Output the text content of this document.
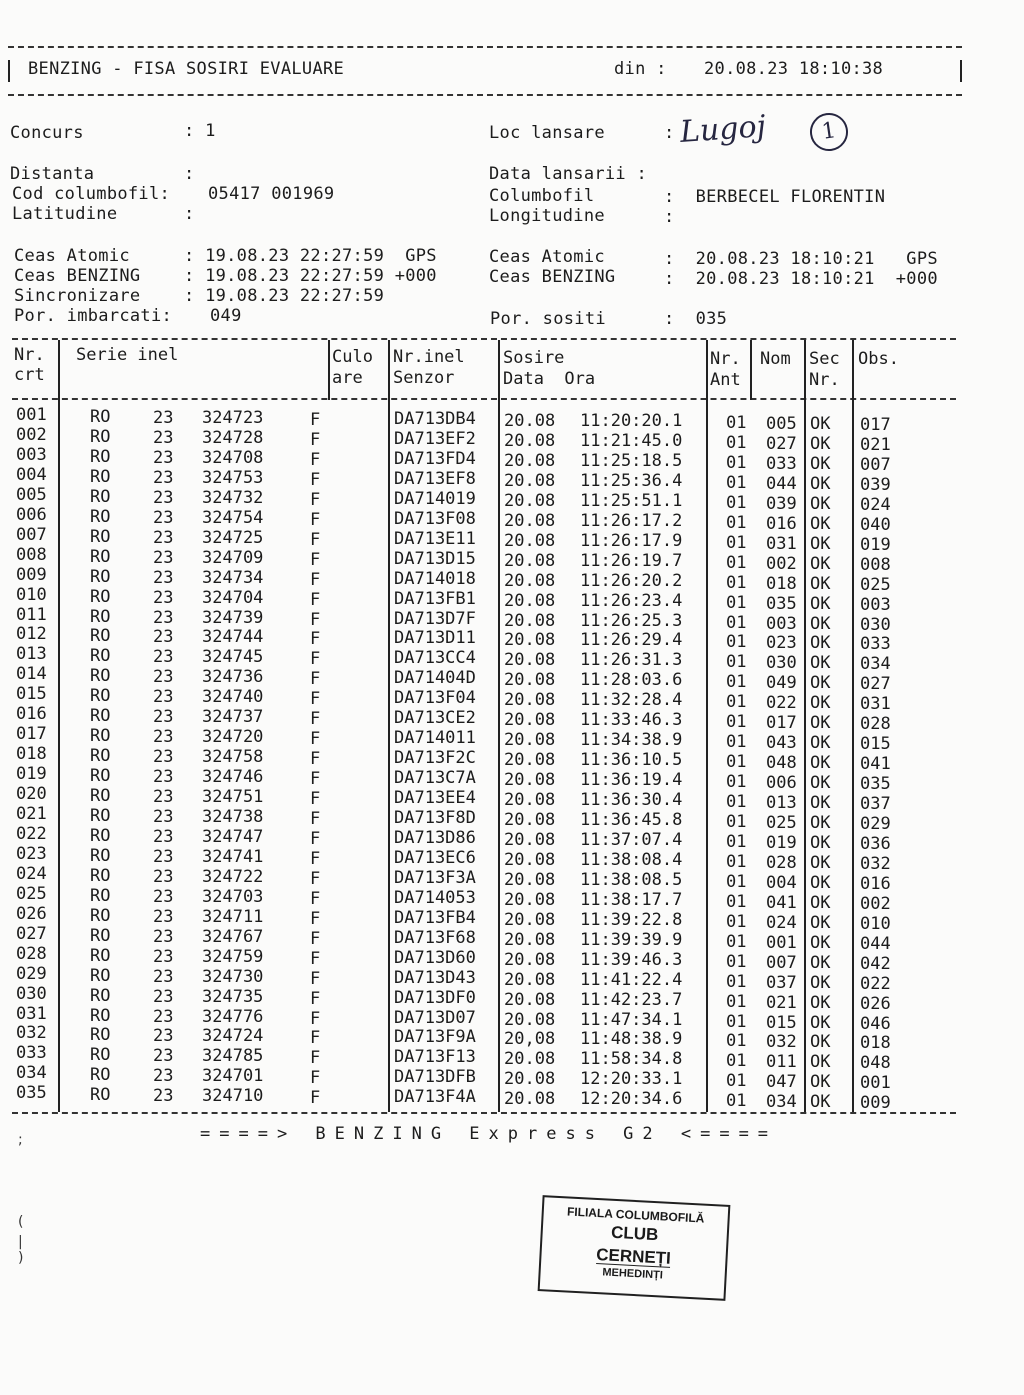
BENZING - FISA SOSIRI EVALUARE	din : 20.08.23 18:10:38
Concurs	: 1	Loc lansare	: Lugoj	1
Distanta	:	Data lansarii :
Cod columbofil: 05417 001969	Columbofil	:  BERBECEL FLORENTIN
Latitudine	:	Longitudine	:
Ceas Atomic	: 19.08.23 22:27:59  GPS	Ceas Atomic	:  20.08.23 18:10:21   GPS
Ceas BENZING	: 19.08.23 22:27:59 +000	Ceas BENZING	:  20.08.23 18:10:21  +000
Sincronizare	: 19.08.23 22:27:59
Por. imbarcati: 049	Por. sositi	:  035
Nr.
crt
Serie inel	Culo
are
Nr.inel
Senzor
Sosire
Data  Ora
Nr.
Ant
Nom Sec
Nr.
Obs.
001	RO	23 324723	F	DA713DB4 20.08 11:20:20.1	01 005 OK 017
002	RO	23 324728	F	DA713EF2 20.08 11:21:45.0	01 027 OK 021
003	RO	23 324708	F	DA713FD4 20.08 11:25:18.5	01 033 OK 007
004	RO	23 324753	F	DA713EF8 20.08 11:25:36.4	01 044 OK 039
005	RO	23 324732	F	DA714019 20.08 11:25:51.1	01 039 OK 024
006	RO	23 324754	F	DA713F08 20.08 11:26:17.2	01 016 OK 040
007	RO	23 324725	F	DA713E11 20.08 11:26:17.9	01 031 OK 019
008	RO	23 324709	F	DA713D15 20.08 11:26:19.7	01 002 OK 008
009	RO	23 324734	F	DA714018 20.08 11:26:20.2	01 018 OK 025
010	RO	23 324704	F	DA713FB1 20.08 11:26:23.4	01 035 OK 003
011	RO	23 324739	F	DA713D7F 20.08 11:26:25.3	01 003 OK 030
012	RO	23 324744	F	DA713D11 20.08 11:26:29.4	01 023 OK 033
013	RO	23 324745	F	DA713CC4 20.08 11:26:31.3	01 030 OK 034
014	RO	23 324736	F	DA71404D 20.08 11:28:03.6	01 049 OK 027
015	RO	23 324740	F	DA713F04 20.08 11:32:28.4	01 022 OK 031
016	RO	23 324737	F	DA713CE2 20.08 11:33:46.3	01 017 OK 028
017	RO	23 324720	F	DA714011 20.08 11:34:38.9	01 043 OK 015
018	RO	23 324758	F	DA713F2C 20.08 11:36:10.5	01 048 OK 041
019	RO	23 324746	F	DA713C7A 20.08 11:36:19.4	01 006 OK 035
020	RO	23 324751	F	DA713EE4 20.08 11:36:30.4	01 013 OK 037
021	RO	23 324738	F	DA713F8D 20.08 11:36:45.8	01 025 OK 029
022	RO	23 324747	F	DA713D86 20.08 11:37:07.4	01 019 OK 036
023	RO	23 324741	F	DA713EC6 20.08 11:38:08.4	01 028 OK 032
024	RO	23 324722	F	DA713F3A 20.08 11:38:08.5	01 004 OK 016
025	RO	23 324703	F	DA714053 20.08 11:38:17.7	01 041 OK 002
026	RO	23 324711	F	DA713FB4 20.08 11:39:22.8	01 024 OK 010
027	RO	23 324767	F	DA713F68 20.08 11:39:39.9	01 001 OK 044
028	RO	23 324759	F	DA713D60 20.08 11:39:46.3	01 007 OK 042
029	RO	23 324730	F	DA713D43 20.08 11:41:22.4	01 037 OK 022
030	RO	23 324735	F	DA713DF0 20.08 11:42:23.7	01 021 OK 026
031	RO	23 324776	F	DA713D07 20.08 11:47:34.1	01 015 OK 046
032	RO	23 324724	F	DA713F9A 20,08 11:48:38.9	01 032 OK 018
033	RO	23 324785	F	DA713F13 20.08 11:58:34.8	01 011 OK 048
034	RO	23 324701	F	DA713DFB 20.08 12:20:33.1	01 047 OK 001
035	RO	23 324710	F	DA713F4A 20.08 12:20:34.6	01 034 OK 009
====> BENZING Express G2 <====
;
(
|
)
FILIALA COLUMBOFILĂ
CLUB
CERNEȚI
MEHEDINȚI
